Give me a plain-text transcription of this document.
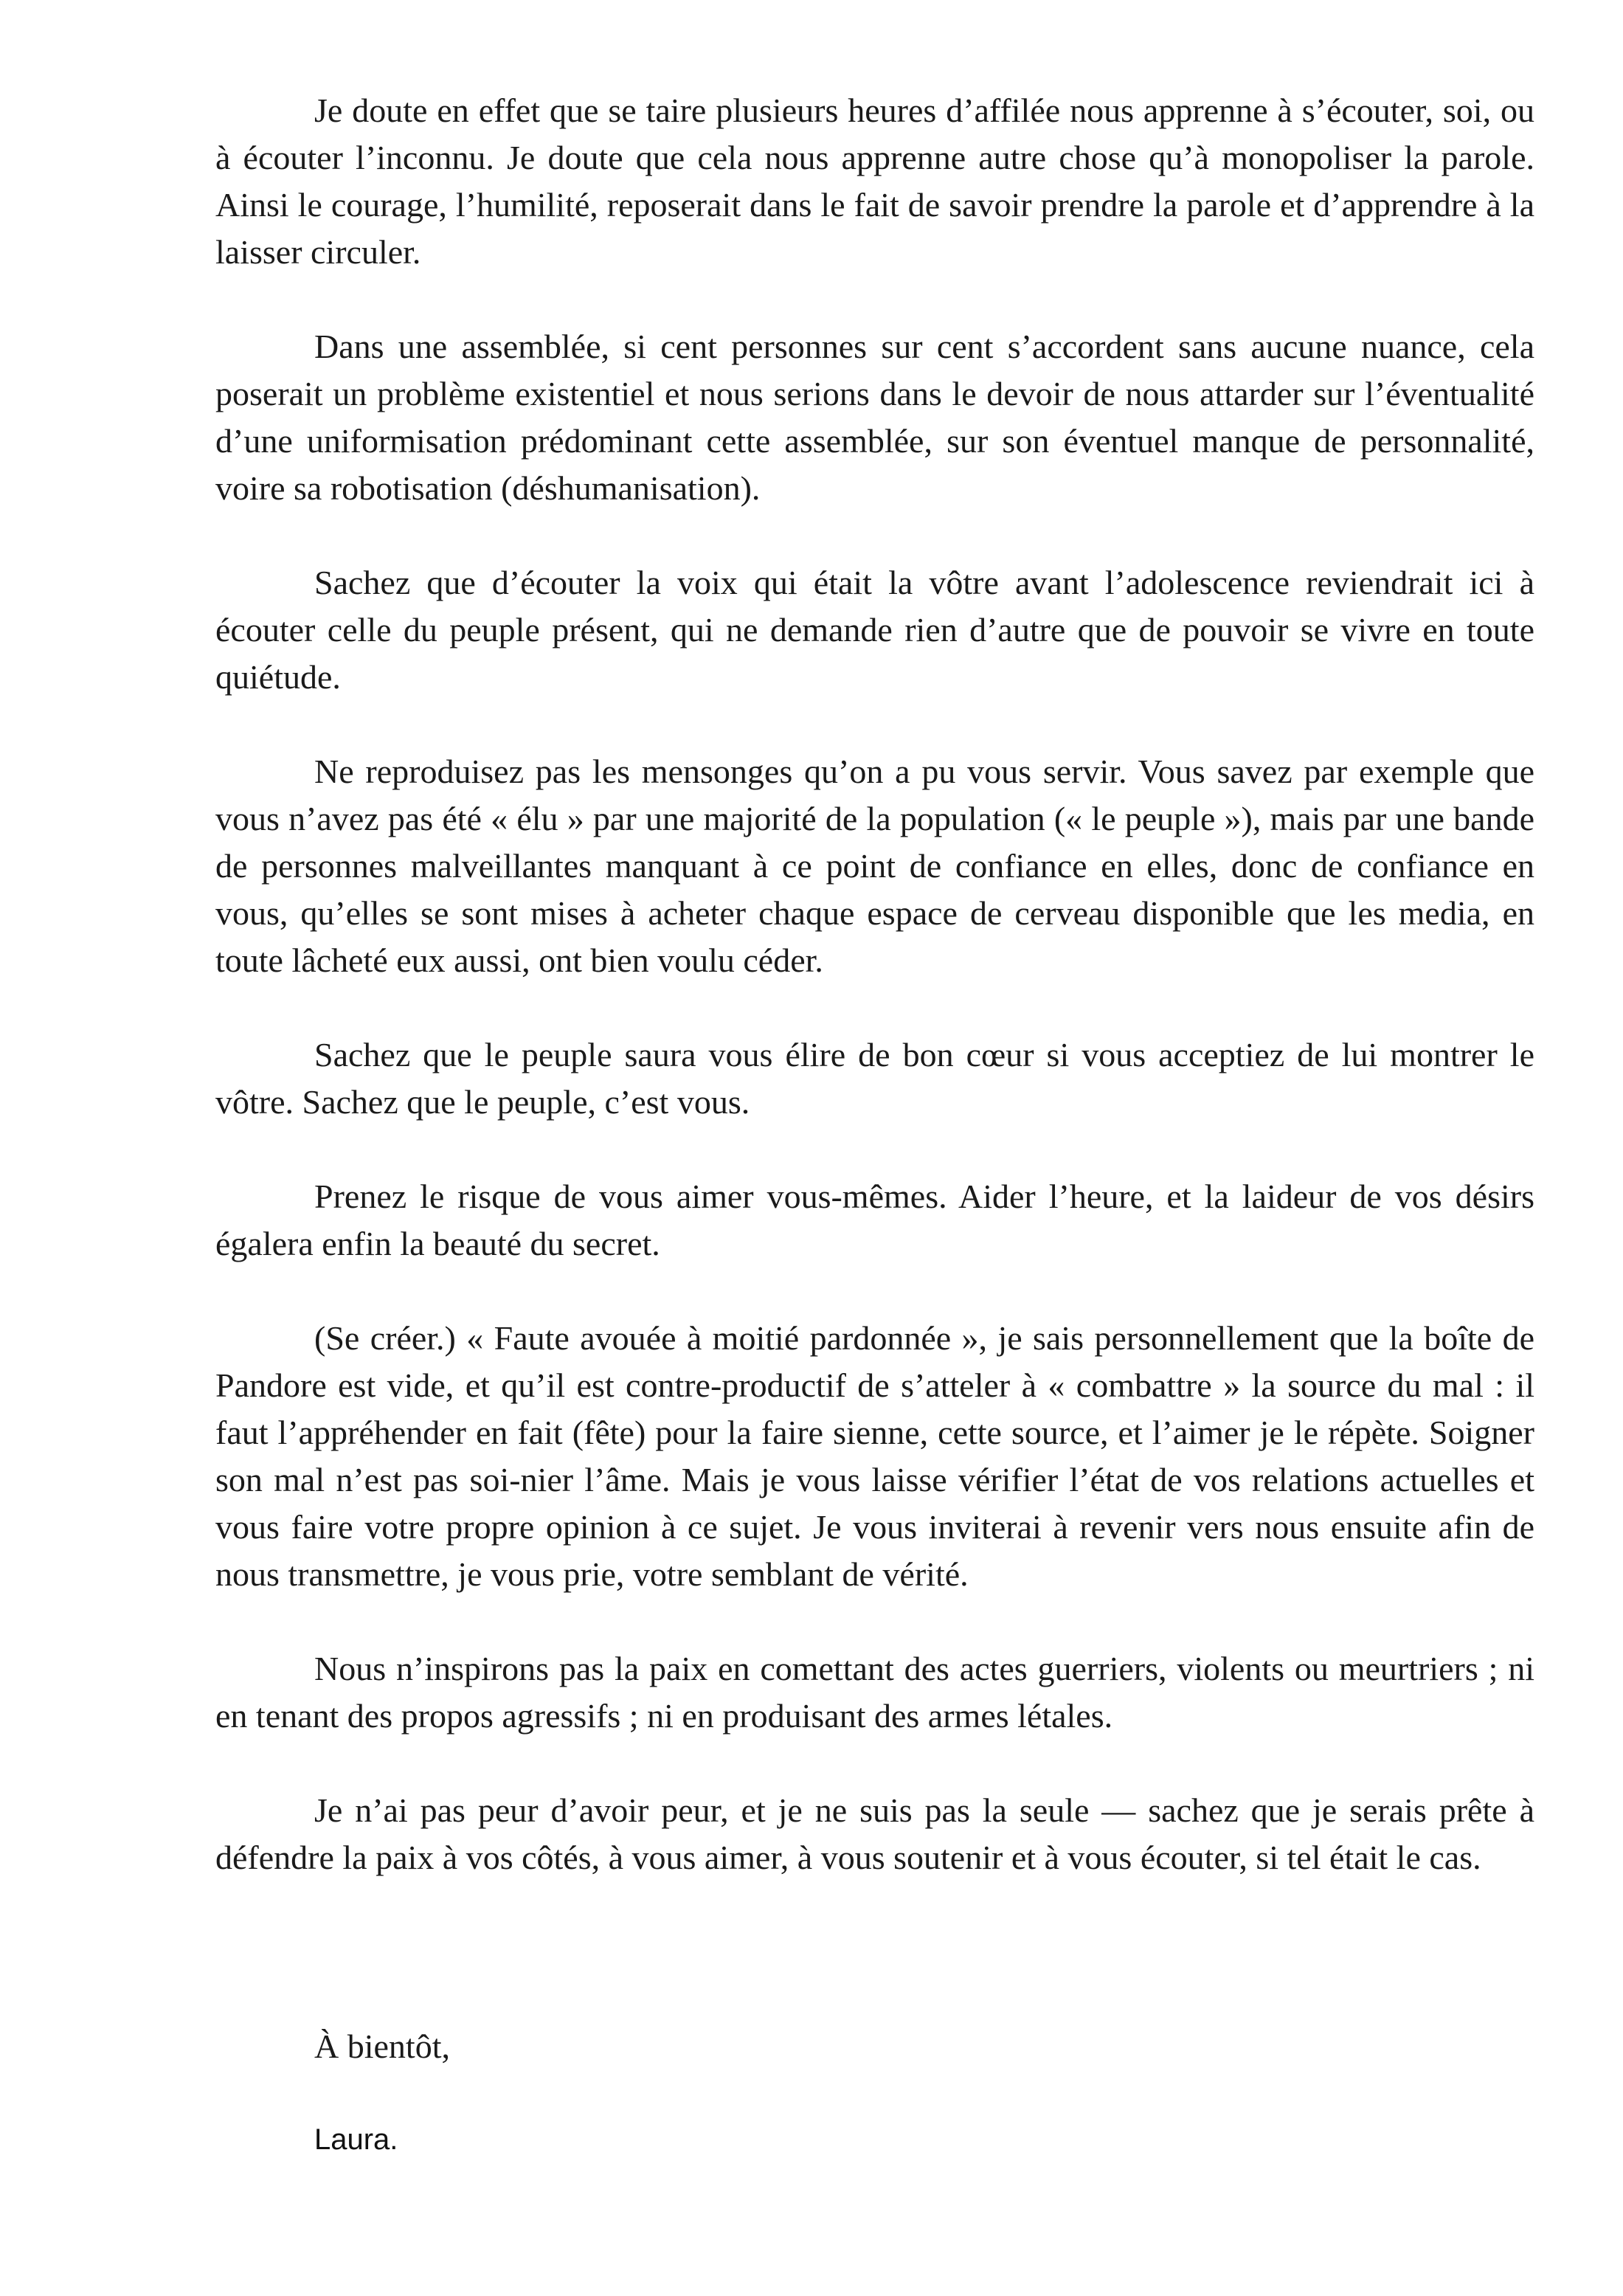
Je doute en effet que se taire plusieurs heures d’affilée nous apprenne à s’écouter, soi, ou à écouter l’inconnu. Je doute que cela nous apprenne autre chose qu’à monopoliser la parole. Ainsi le courage, l’humilité, reposerait dans le fait de savoir prendre la parole et d’apprendre à la laisser circuler.

Dans une assemblée, si cent personnes sur cent s’accordent sans aucune nuance, cela poserait un problème existentiel et nous serions dans le devoir de nous attarder sur l’éventualité d’une uniformisation prédominant cette assemblée, sur son éventuel manque de personnalité, voire sa robotisation (déshumanisation).

Sachez que d’écouter la voix qui était la vôtre avant l’adolescence reviendrait ici à écouter celle du peuple présent, qui ne demande rien d’autre que de pouvoir se vivre en toute quiétude.

Ne reproduisez pas les mensonges qu’on a pu vous servir. Vous savez par exemple que vous n’avez pas été « élu » par une majorité de la population (« le peuple »), mais par une bande de personnes malveillantes manquant à ce point de confiance en elles, donc de confiance en vous, qu’elles se sont mises à acheter chaque espace de cerveau disponible que les media, en toute lâcheté eux aussi, ont bien voulu céder.

Sachez que le peuple saura vous élire de bon cœur si vous acceptiez de lui montrer le vôtre. Sachez que le peuple, c’est vous.

Prenez le risque de vous aimer vous-mêmes. Aider l’heure, et la laideur de vos désirs égalera enfin la beauté du secret.

(Se créer.) « Faute avouée à moitié pardonnée », je sais personnellement que la boîte de Pandore est vide, et qu’il est contre-productif de s’atteler à « combattre » la source du mal : il faut l’appréhender en fait (fête) pour la faire sienne, cette source, et l’aimer je le répète. Soigner son mal n’est pas soi-nier l’âme. Mais je vous laisse vérifier l’état de vos relations actuelles et vous faire votre propre opinion à ce sujet. Je vous inviterai à revenir vers nous ensuite afin de nous transmettre, je vous prie, votre semblant de vérité.

Nous n’inspirons pas la paix en comettant des actes guerriers, violents ou meurtriers ; ni en tenant des propos agressifs ; ni en produisant des armes létales.

Je n’ai pas peur d’avoir peur, et je ne suis pas la seule — sachez que je serais prête à défendre la paix à vos côtés, à vous aimer, à vous soutenir et à vous écouter, si tel était le cas.

À bientôt,

Laura.
